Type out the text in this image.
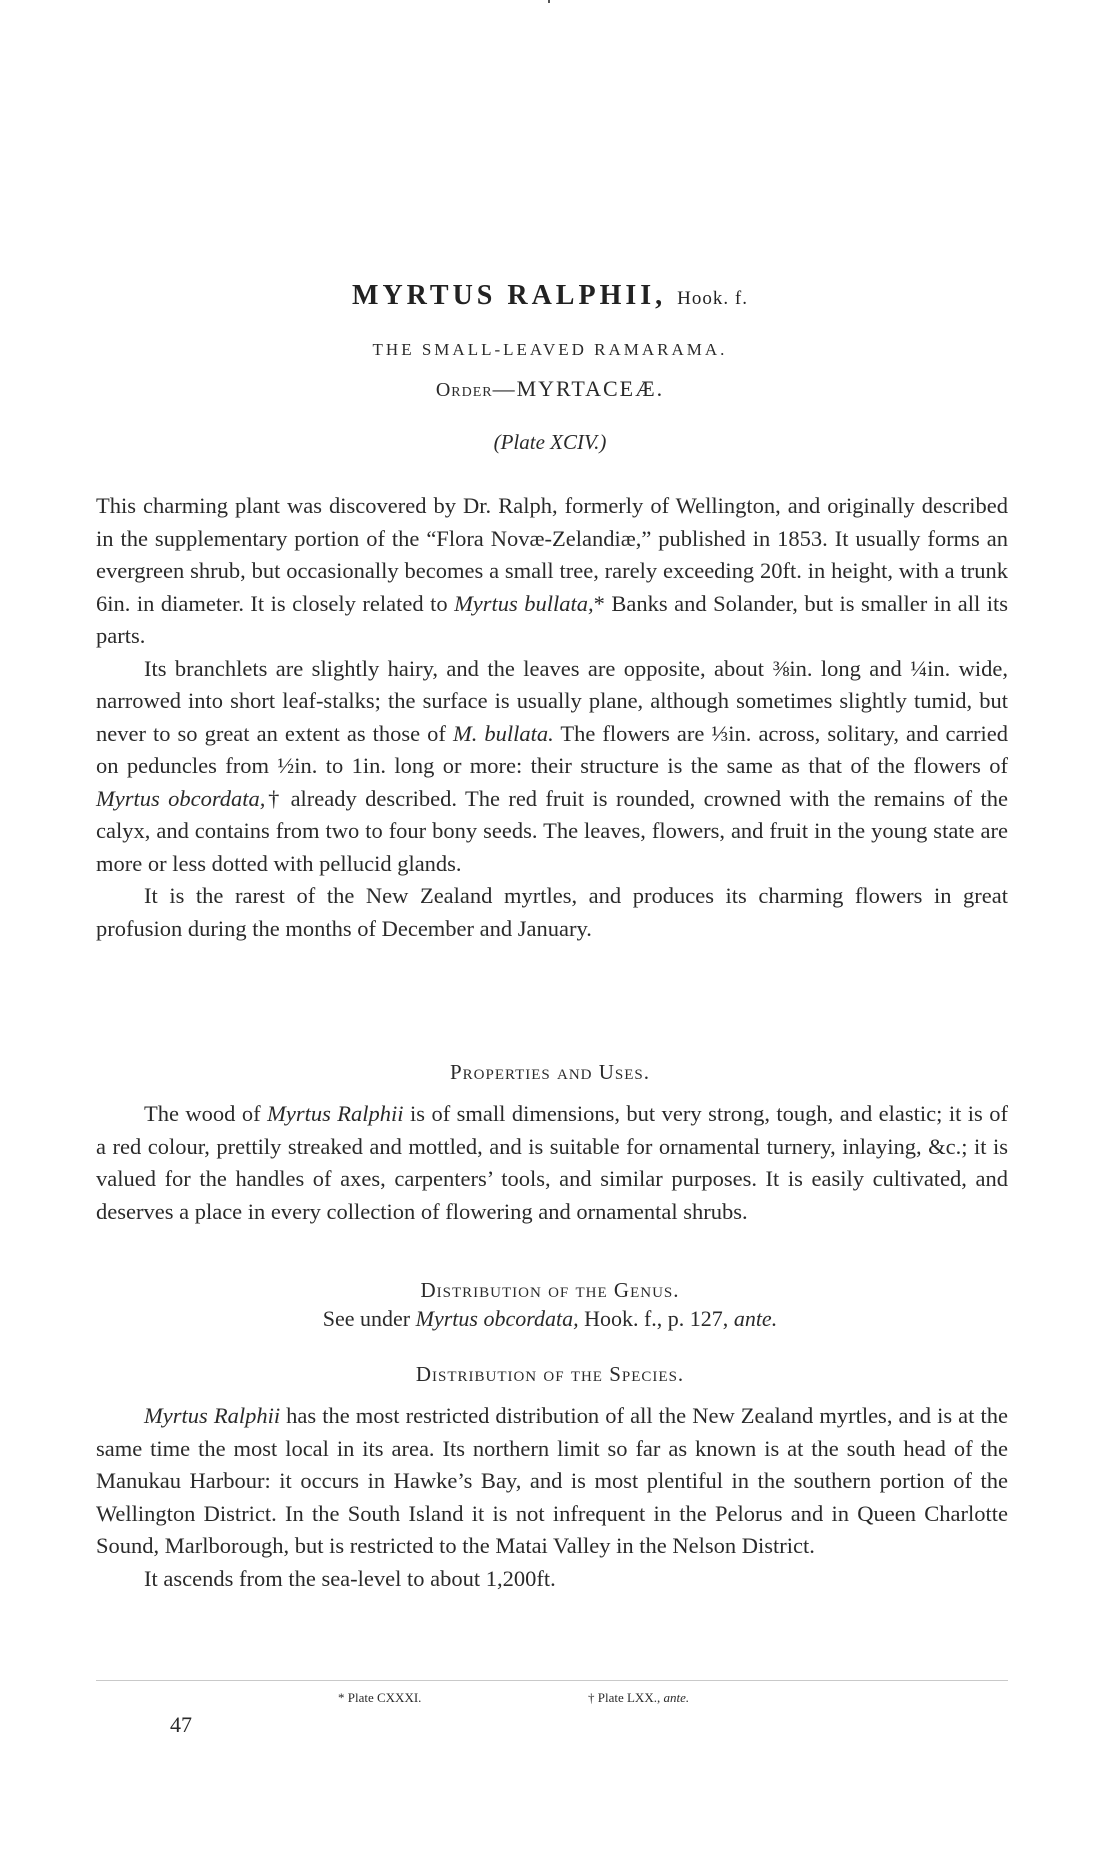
MYRTUS RALPHII, Hook. f.
THE SMALL-LEAVED RAMARAMA.
Order—MYRTACEÆ.
(Plate XCIV.)

This charming plant was discovered by Dr. Ralph, formerly of Wellington, and originally described in the supplementary portion of the “Flora Novæ-Zelandiæ,” published in 1853. It usually forms an evergreen shrub, but occasionally becomes a small tree, rarely exceeding 20ft. in height, with a trunk 6in. in diameter. It is closely related to Myrtus bullata,* Banks and Solander, but is smaller in all its parts.

Its branchlets are slightly hairy, and the leaves are opposite, about ⅜in. long and ¼in. wide, narrowed into short leaf-stalks; the surface is usually plane, although sometimes slightly tumid, but never to so great an extent as those of M. bullata. The flowers are ⅓in. across, solitary, and carried on peduncles from ½in. to 1in. long or more: their structure is the same as that of the flowers of Myrtus obcordata,† already described. The red fruit is rounded, crowned with the remains of the calyx, and contains from two to four bony seeds. The leaves, flowers, and fruit in the young state are more or less dotted with pellucid glands.

It is the rarest of the New Zealand myrtles, and produces its charming flowers in great profusion during the months of December and January.

Properties and Uses.

The wood of Myrtus Ralphii is of small dimensions, but very strong, tough, and elastic; it is of a red colour, prettily streaked and mottled, and is suitable for ornamental turnery, inlaying, &c.; it is valued for the handles of axes, carpenters’ tools, and similar purposes. It is easily cultivated, and deserves a place in every collection of flowering and ornamental shrubs.

Distribution of the Genus.
See under Myrtus obcordata, Hook. f., p. 127, ante.
Distribution of the Species.

Myrtus Ralphii has the most restricted distribution of all the New Zealand myrtles, and is at the same time the most local in its area. Its northern limit so far as known is at the south head of the Manukau Harbour: it occurs in Hawke’s Bay, and is most plentiful in the southern portion of the Wellington District. In the South Island it is not infrequent in the Pelorus and in Queen Charlotte Sound, Marlborough, but is restricted to the Matai Valley in the Nelson District.

It ascends from the sea-level to about 1,200ft.

* Plate CXXXI.	† Plate LXX., ante.
47
